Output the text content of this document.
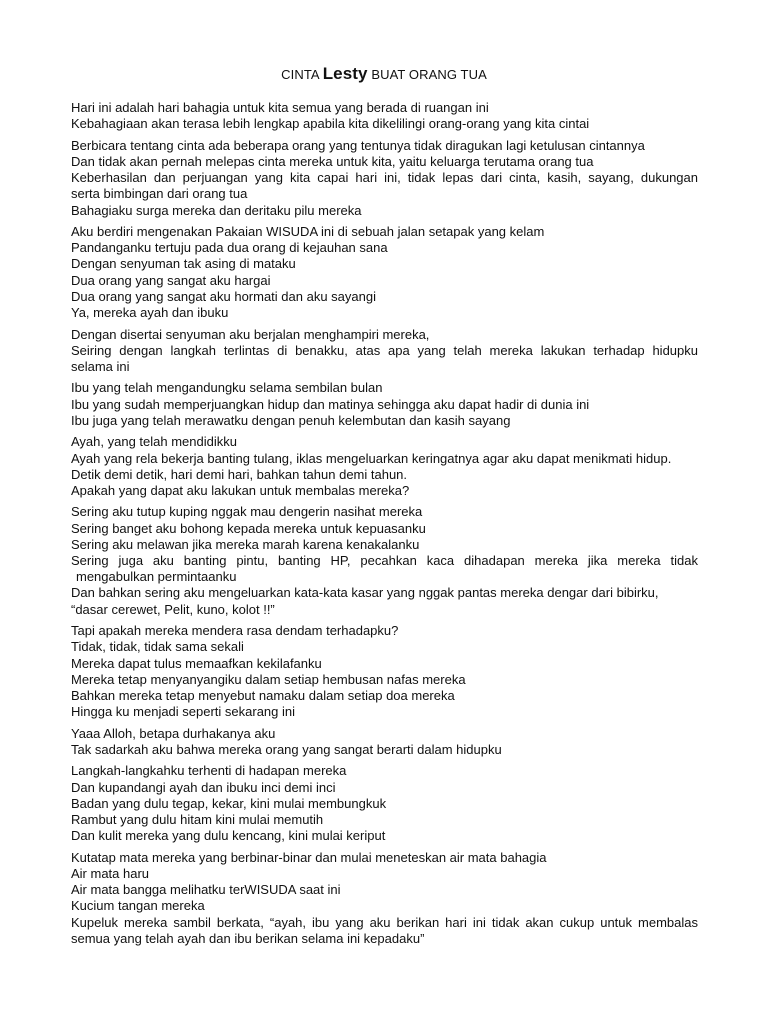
CINTA Lesty BUAT ORANG TUA
Hari ini adalah hari bahagia untuk kita semua yang berada di ruangan ini
Kebahagiaan akan terasa lebih lengkap apabila kita dikelilingi orang-orang yang kita cintai
Berbicara tentang cinta ada beberapa orang yang tentunya tidak diragukan lagi ketulusan cintannya
Dan tidak akan pernah melepas cinta mereka untuk kita, yaitu keluarga terutama orang tua
Keberhasilan dan perjuangan yang kita capai hari ini, tidak lepas dari cinta, kasih, sayang, dukungan
serta bimbingan dari orang tua
Bahagiaku surga mereka dan deritaku pilu mereka
Aku berdiri mengenakan Pakaian WISUDA ini di sebuah jalan setapak yang kelam
Pandanganku tertuju pada dua orang di kejauhan sana
Dengan senyuman tak asing di mataku
Dua orang yang sangat aku hargai
Dua orang yang sangat aku hormati dan aku sayangi
Ya, mereka ayah dan ibuku
Dengan disertai senyuman aku berjalan menghampiri mereka,
Seiring dengan langkah terlintas di benakku, atas apa yang telah mereka lakukan terhadap hidupku
selama ini
Ibu yang telah mengandungku selama sembilan bulan
Ibu yang sudah memperjuangkan hidup dan matinya sehingga aku dapat hadir di dunia ini
Ibu juga yang telah merawatku dengan penuh kelembutan dan kasih sayang
Ayah, yang telah mendidikku
Ayah yang rela bekerja banting tulang, iklas mengeluarkan keringatnya agar aku dapat menikmati hidup.
Detik demi detik, hari demi hari, bahkan tahun demi tahun.
Apakah yang dapat aku lakukan untuk membalas mereka?
Sering aku tutup kuping nggak mau dengerin nasihat mereka
Sering banget aku bohong kepada mereka untuk kepuasanku
Sering aku melawan jika mereka marah karena kenakalanku
Sering juga aku banting pintu, banting HP, pecahkan kaca dihadapan mereka jika mereka tidak
mengabulkan permintaanku
Dan bahkan sering aku mengeluarkan kata-kata kasar yang nggak pantas mereka dengar dari bibirku,
“dasar cerewet, Pelit, kuno, kolot !!”
Tapi apakah mereka mendera rasa dendam terhadapku?
Tidak, tidak, tidak sama sekali
Mereka dapat tulus memaafkan kekilafanku
Mereka tetap menyanyangiku dalam setiap hembusan nafas mereka
Bahkan mereka tetap menyebut namaku dalam setiap doa mereka
Hingga ku menjadi seperti sekarang ini
Yaaa Alloh, betapa durhakanya aku
Tak sadarkah aku bahwa mereka orang yang sangat berarti dalam hidupku
Langkah-langkahku terhenti di hadapan mereka
Dan kupandangi ayah dan ibuku inci demi inci
Badan yang dulu tegap, kekar, kini mulai membungkuk
Rambut yang dulu hitam kini mulai memutih
Dan kulit mereka yang dulu kencang, kini mulai keriput
Kutatap mata mereka yang berbinar-binar dan mulai meneteskan air mata bahagia
Air mata haru
Air mata bangga melihatku terWISUDA saat ini
Kucium tangan mereka
Kupeluk mereka sambil berkata, “ayah, ibu yang aku berikan hari ini tidak akan cukup untuk membalas
semua yang telah ayah dan ibu berikan selama ini kepadaku”
